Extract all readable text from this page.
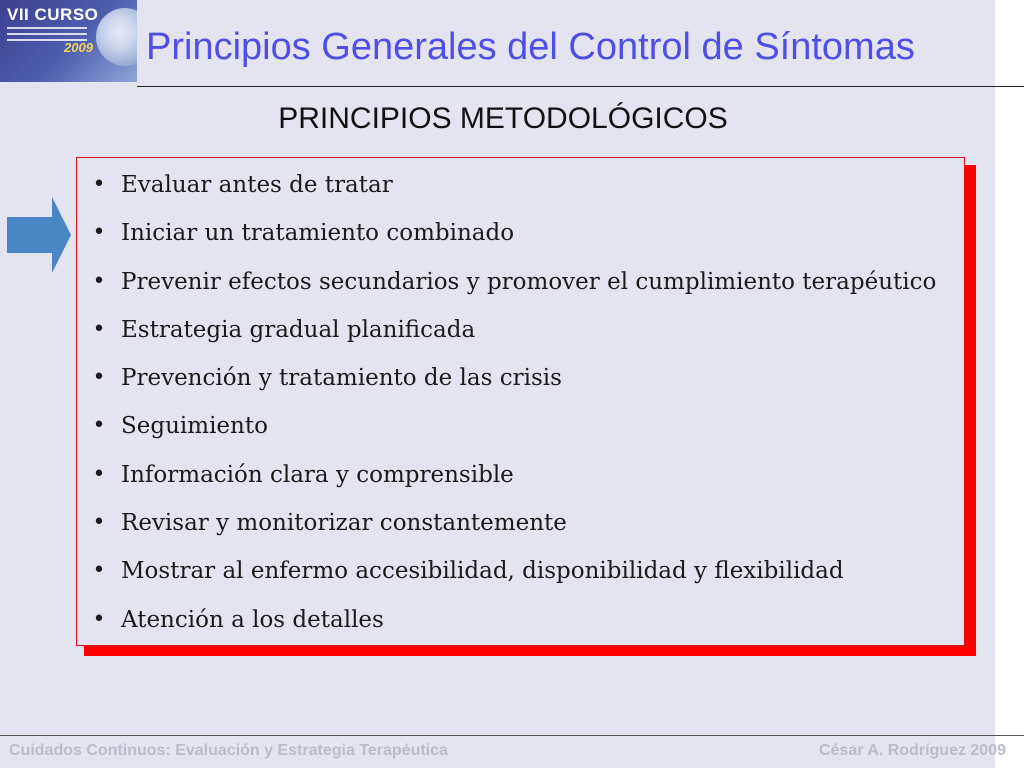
VII CURSO
2009 Principios Generales del Control de Síntomas
PRINCIPIOS METODOLÓGICOS
• Evaluar antes de tratar
• Iniciar un tratamiento combinado
• Prevenir efectos secundarios y promover el cumplimiento terapéutico
• Estrategia gradual planificada
• Prevención y tratamiento de las crisis
• Seguimiento
• Información clara y comprensible
• Revisar y monitorizar constantemente
• Mostrar al enfermo accesibilidad, disponibilidad y flexibilidad
• Atención a los detalles
Cuidados Continuos: Evaluación y Estrategia Terapéutica	César A. Rodríguez 2009
